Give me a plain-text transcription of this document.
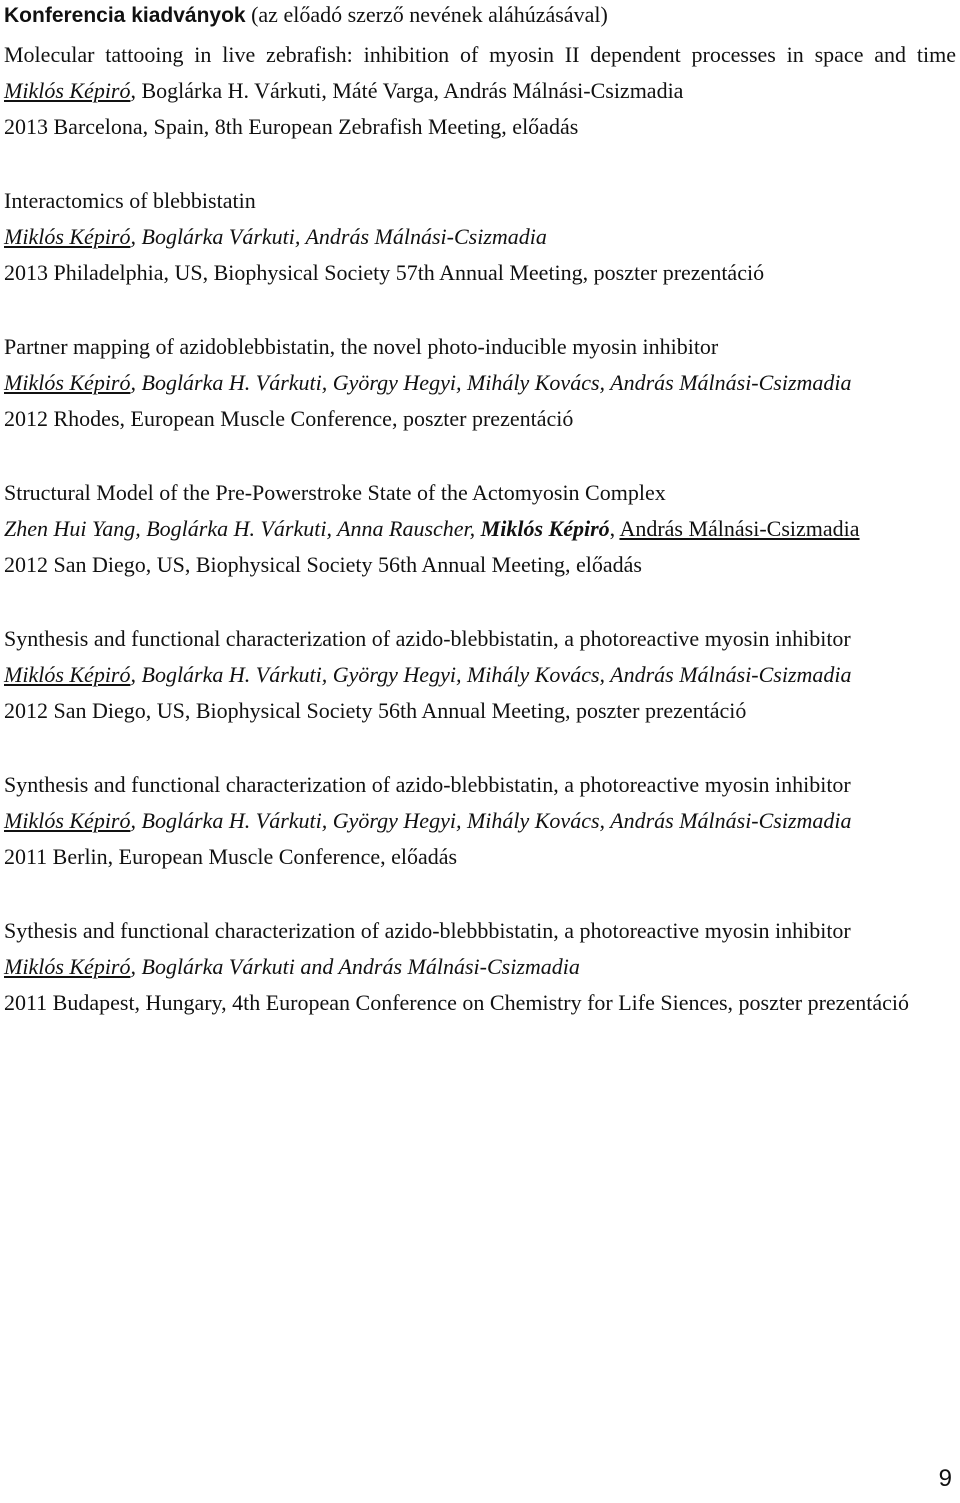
Konferencia kiadványok (az előadó szerző nevének aláhúzásával)

Molecular tattooing in live zebrafish: inhibition of myosin II dependent processes in space and time

Miklós Képiró, Boglárka H. Várkuti, Máté Varga, András Málnási-Csizmadia

2013 Barcelona, Spain, 8th European Zebrafish Meeting, előadás

Interactomics of blebbistatin

Miklós Képiró, Boglárka Várkuti, András Málnási-Csizmadia

2013 Philadelphia, US, Biophysical Society 57th Annual Meeting, poszter prezentáció

Partner mapping of azidoblebbistatin, the novel photo-inducible myosin inhibitor

Miklós Képiró, Boglárka H. Várkuti, György Hegyi, Mihály Kovács, András Málnási-Csizmadia

2012 Rhodes, European Muscle Conference, poszter prezentáció

Structural Model of the Pre-Powerstroke State of the Actomyosin Complex

Zhen Hui Yang, Boglárka H. Várkuti, Anna Rauscher, Miklós Képiró, András Málnási-Csizmadia

2012 San Diego, US, Biophysical Society 56th Annual Meeting, előadás

Synthesis and functional characterization of azido-blebbistatin, a photoreactive myosin inhibitor

Miklós Képiró, Boglárka H. Várkuti, György Hegyi, Mihály Kovács, András Málnási-Csizmadia

2012 San Diego, US, Biophysical Society 56th Annual Meeting, poszter prezentáció

Synthesis and functional characterization of azido-blebbistatin, a photoreactive myosin inhibitor

Miklós Képiró, Boglárka H. Várkuti, György Hegyi, Mihály Kovács, András Málnási-Csizmadia

2011 Berlin, European Muscle Conference, előadás

Sythesis and functional characterization of azido-blebbbistatin, a photoreactive myosin inhibitor

Miklós Képiró, Boglárka Várkuti and András Málnási-Csizmadia

2011 Budapest, Hungary, 4th European Conference on Chemistry for Life Siences, poszter prezentáció

9
